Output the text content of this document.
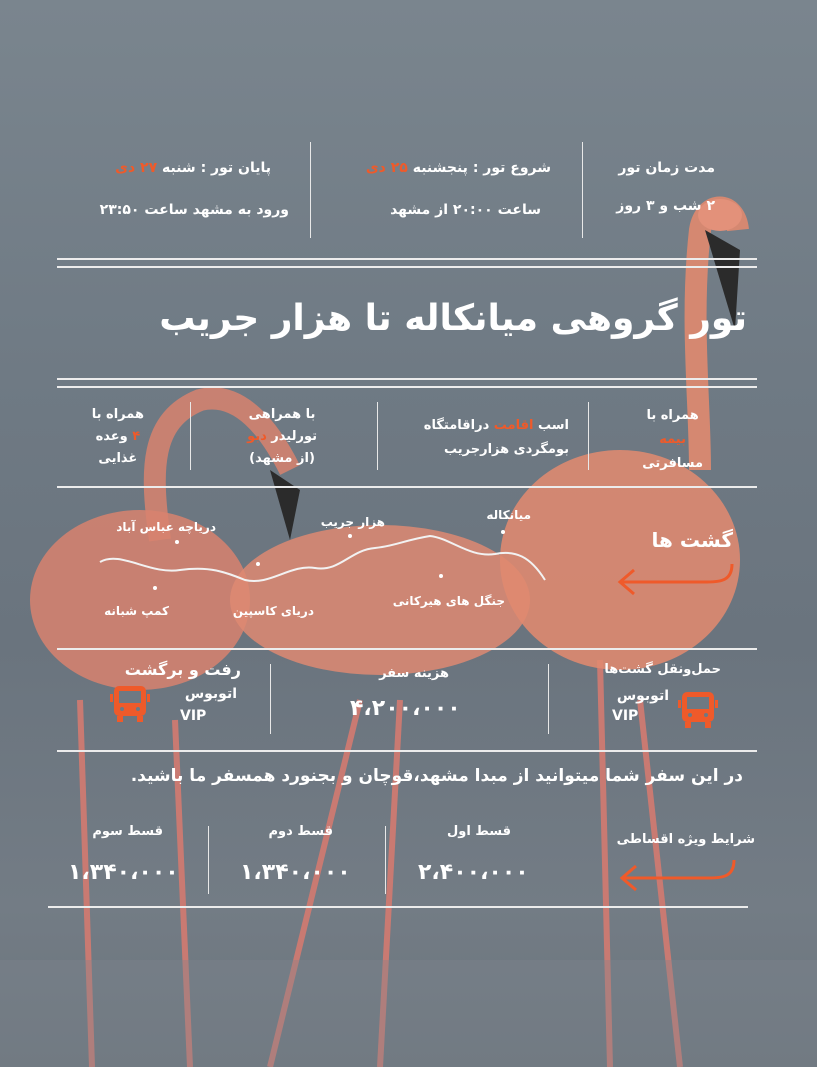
مدت زمان تور
۲ شب و ۳ روز
شروع تور : پنجشنبه ۲۵ دی
ساعت ۲۰:۰۰ از مشهد
پایان تور : شنبه ۲۷ دی
ورود به مشهد ساعت ۲۳:۵۰
تور گروهی میانکاله تا هزار جریب
همراه با
بیمه
مسافرتی
اسب اقامت دراقامتگاه
بومگردی هزارجریب
با همراهی
تورلیدر دبو
(از مشهد)
همراه با
۴ وعده
غذایی
گشت ها
میانکاله
هزار جریب
دریاچه عباس آباد
جنگل های هیرکانی
دریای کاسپین
کمپ شبانه
حمل‌ونقل گشت‌ها
اتوبوس
VIP
هزینه سفر
۴،۲۰۰،۰۰۰
رفت و برگشت
اتوبوس
VIP
در این سفر شما میتوانید از مبدا مشهد،قوچان و بجنورد همسفر ما باشید.
شرایط ویژه اقساطی
قسط اول
۲،۴۰۰،۰۰۰
قسط دوم
۱،۳۴۰،۰۰۰
قسط سوم
۱،۳۴۰،۰۰۰
